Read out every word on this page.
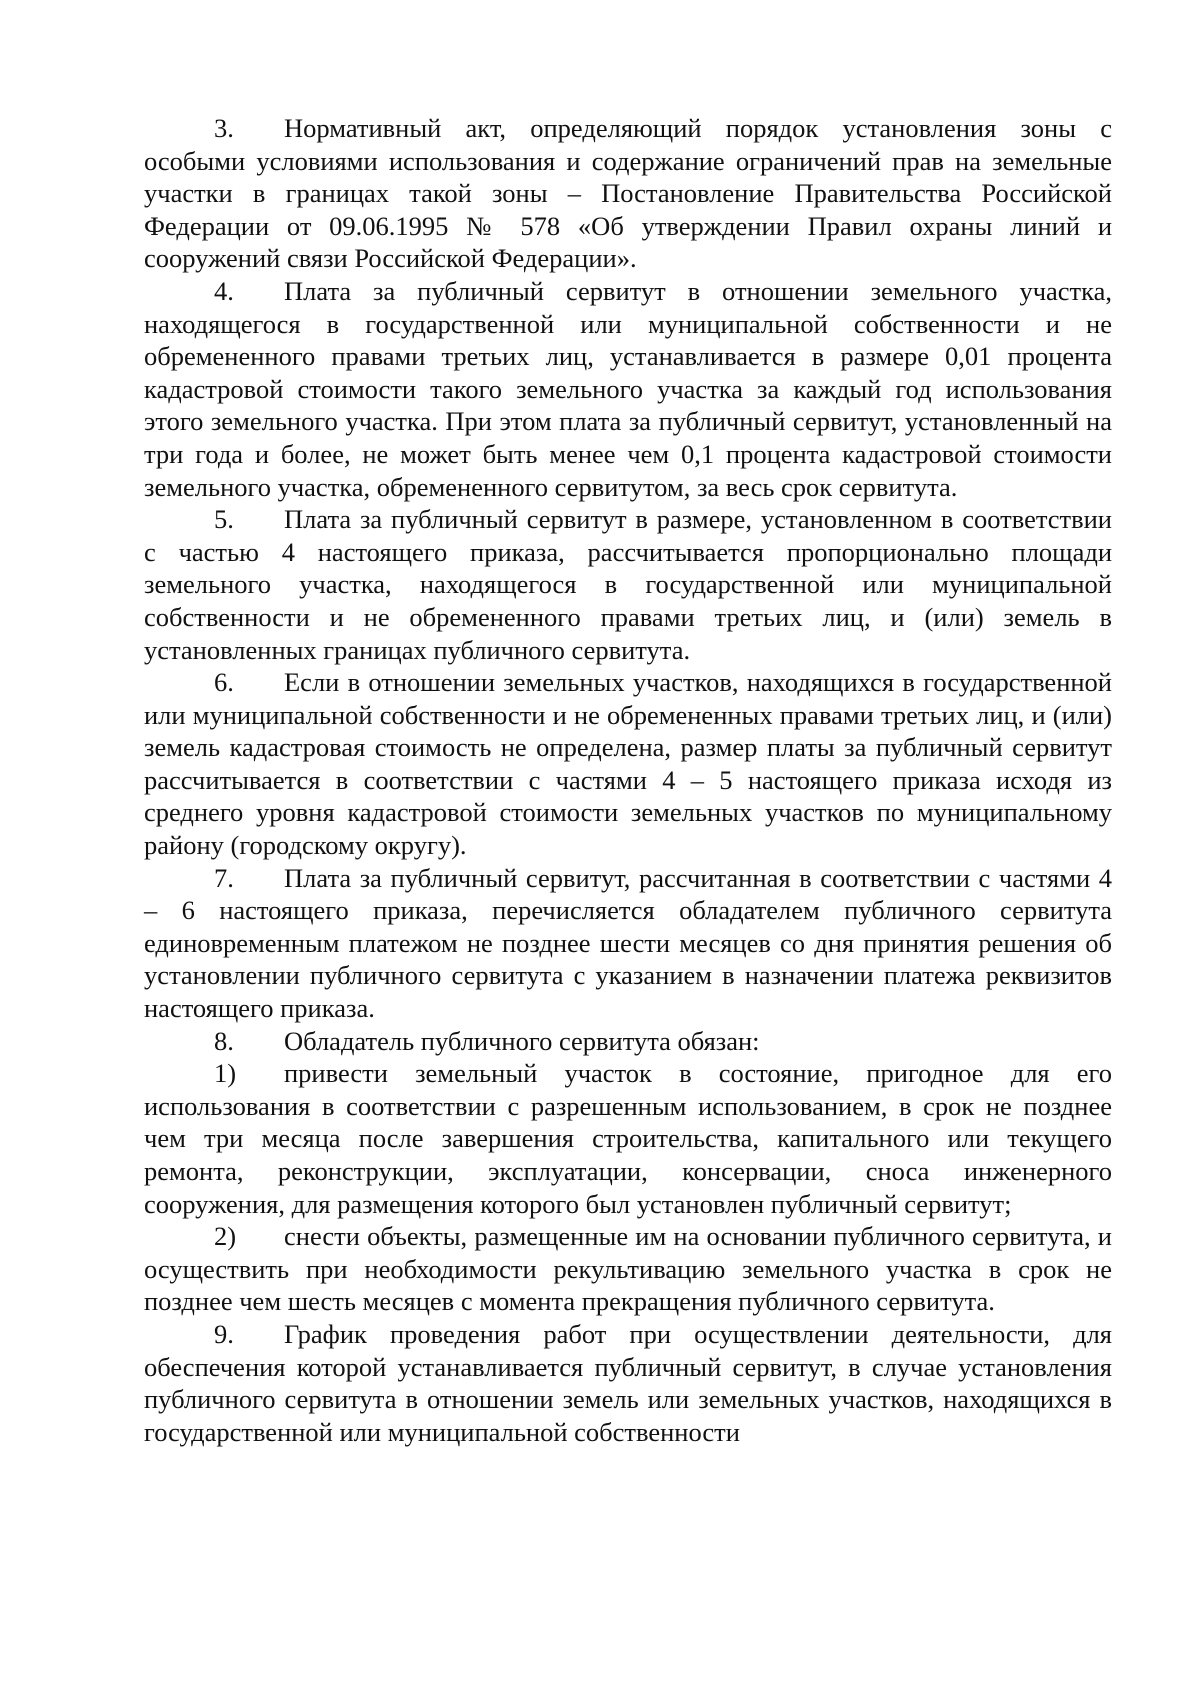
3. Нормативный акт, определяющий порядок установления зоны с особыми условиями использования и содержание ограничений прав на земельные участки в границах такой зоны – Постановление Правительства Российской Федерации от 09.06.1995 № 578 «Об утверждении Правил охраны линий и сооружений связи Российской Федерации».

4. Плата за публичный сервитут в отношении земельного участка, находящегося в государственной или муниципальной собственности и не обремененного правами третьих лиц, устанавливается в размере 0,01 процента кадастровой стоимости такого земельного участка за каждый год использования этого земельного участка. При этом плата за публичный сервитут, установленный на три года и более, не может быть менее чем 0,1 процента кадастровой стоимости земельного участка, обремененного сервитутом, за весь срок сервитута.

5. Плата за публичный сервитут в размере, установленном в соответствии с частью 4 настоящего приказа, рассчитывается пропорционально площади земельного участка, находящегося в государственной или муниципальной собственности и не обремененного правами третьих лиц, и (или) земель в установленных границах публичного сервитута.

6. Если в отношении земельных участков, находящихся в государственной или муниципальной собственности и не обремененных правами третьих лиц, и (или) земель кадастровая стоимость не определена, размер платы за публичный сервитут рассчитывается в соответствии с частями 4 – 5 настоящего приказа исходя из среднего уровня кадастровой стоимости земельных участков по муниципальному району (городскому округу).

7. Плата за публичный сервитут, рассчитанная в соответствии с частями 4 – 6 настоящего приказа, перечисляется обладателем публичного сервитута единовременным платежом не позднее шести месяцев со дня принятия решения об установлении публичного сервитута с указанием в назначении платежа реквизитов настоящего приказа.

8. Обладатель публичного сервитута обязан:

1) привести земельный участок в состояние, пригодное для его использования в соответствии с разрешенным использованием, в срок не позднее чем три месяца после завершения строительства, капитального или текущего ремонта, реконструкции, эксплуатации, консервации, сноса инженерного сооружения, для размещения которого был установлен публичный сервитут;

2) снести объекты, размещенные им на основании публичного сервитута, и осуществить при необходимости рекультивацию земельного участка в срок не позднее чем шесть месяцев с момента прекращения публичного сервитута.

9. График проведения работ при осуществлении деятельности, для обеспечения которой устанавливается публичный сервитут, в случае установления публичного сервитута в отношении земель или земельных участков, находящихся в государственной или муниципальной собственности
